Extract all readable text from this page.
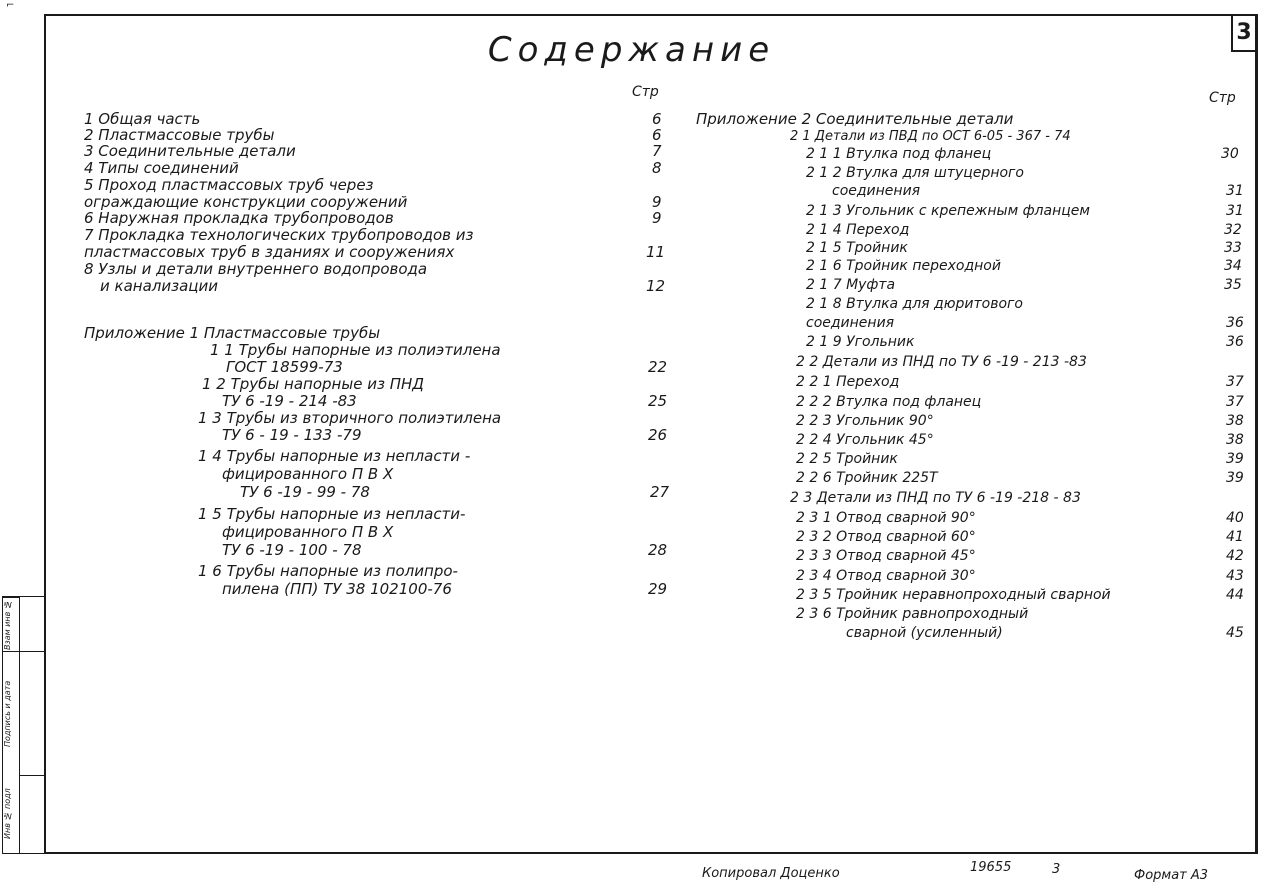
3
⌐
Содержание
Стр	Стр
1 Общая часть	6
2 Пластмассовые трубы	6
3 Соединительные детали	7
4 Типы соединений	8
5 Проход пластмассовых труб через
ограждающие конструкции сооружений	9
6 Наружная прокладка трубопроводов	9
7 Прокладка технологических трубопроводов из
пластмассовых труб в зданиях и сооружениях	11
8 Узлы и детали внутреннего водопровода
и канализации	12
Приложение 1 Пластмассовые трубы
1 1 Трубы напорные из полиэтилена
ГОСТ 18599-73	22
1 2 Трубы напорные из ПНД
ТУ 6 -19 - 214 -83	25
1 3 Трубы из вторичного полиэтилена
ТУ 6 - 19 - 133 -79	26
1 4 Трубы напорные из непласти -
фицированного П В Х
ТУ 6 -19 - 99 - 78	27
1 5 Трубы напорные из непласти-
фицированного П В Х
ТУ 6 -19 - 100 - 78	28
1 6 Трубы напорные из полипро-
пилена (ПП) ТУ 38 102100-76	29
Приложение 2 Соединительные детали
2 1 Детали из ПВД по ОСТ 6-05 - 367 - 74
2 1 1 Втулка под фланец	30
2 1 2 Втулка для штуцерного
соединения	31
2 1 3 Угольник с крепежным фланцем	31
2 1 4 Переход	32
2 1 5 Тройник	33
2 1 6 Тройник переходной	34
2 1 7 Муфта	35
2 1 8 Втулка для дюритового
соединения	36
2 1 9 Угольник	36
2 2 Детали из ПНД по ТУ 6 -19 - 213 -83
2 2 1 Переход	37
2 2 2 Втулка под фланец	37
2 2 3 Угольник 90°	38
2 2 4 Угольник 45°	38
2 2 5 Тройник	39
2 2 6 Тройник 225Т	39
2 3 Детали из ПНД по ТУ 6 -19 -218 - 83
2 3 1 Отвод сварной 90°	40
2 3 2 Отвод сварной 60°	41
2 3 3 Отвод сварной 45°	42
2 3 4 Отвод сварной 30°	43
2 3 5 Тройник неравнопроходный сварной	44
2 3 6 Тройник равнопроходный
сварной (усиленный)	45
Взам инв №
Подпись и дата
Инв № подл
Копировал Доценко	19655	3	Формат А3
